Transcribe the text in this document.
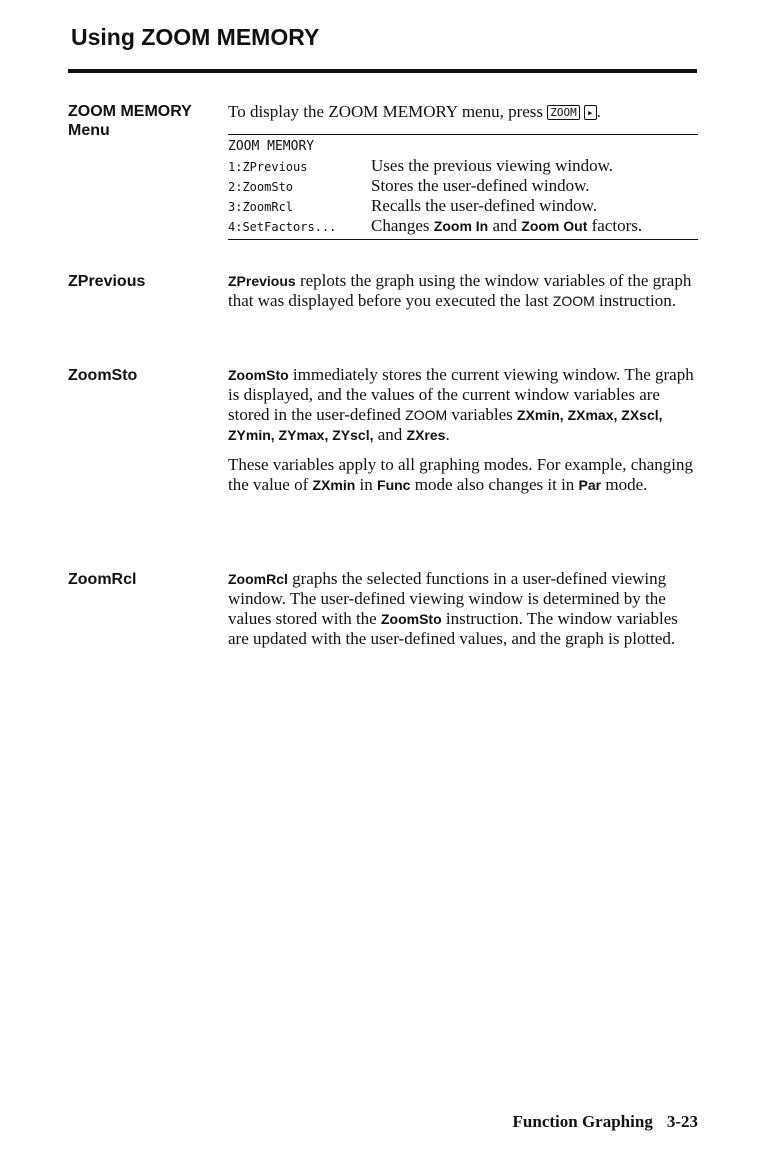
Using ZOOM MEMORY
ZOOM MEMORY
Menu
To display the ZOOM MEMORY menu, press ZOOM ▸ .
ZOOM MEMORY
1:ZPrevious	Uses the previous viewing window.
2:ZoomSto	Stores the user-defined window.
3:ZoomRcl	Recalls the user-defined window.
4:SetFactors...	Changes Zoom In and Zoom Out factors.
ZPrevious	ZPrevious replots the graph using the window variables of the graph that was displayed before you executed the last ZOOM instruction.

ZoomSto	ZoomSto immediately stores the current viewing window. The graph is displayed, and the values of the current window variables are stored in the user-defined ZOOM variables ZXmin, ZXmax, ZXscl, ZYmin, ZYmax, ZYscl, and ZXres.

These variables apply to all graphing modes. For example, changing the value of ZXmin in Func mode also changes it in Par mode.

ZoomRcl	ZoomRcl graphs the selected functions in a user-defined viewing window. The user-defined viewing window is determined by the values stored with the ZoomSto instruction. The window variables are updated with the user-defined values, and the graph is plotted.

Function Graphing 3-23
